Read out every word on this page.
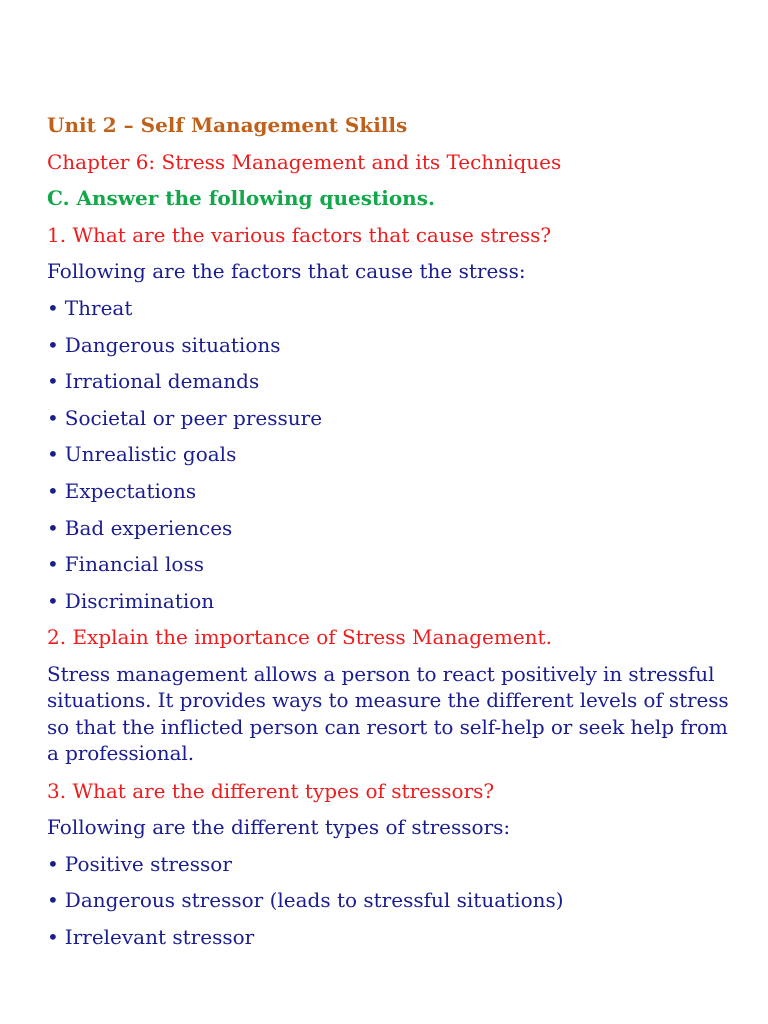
Unit 2 – Self Management Skills
Chapter 6: Stress Management and its Techniques
C. Answer the following questions.
1. What are the various factors that cause stress?
Following are the factors that cause the stress:
• Threat
• Dangerous situations
• Irrational demands
• Societal or peer pressure
• Unrealistic goals
• Expectations
• Bad experiences
• Financial loss
• Discrimination
2. Explain the importance of Stress Management.
Stress management allows a person to react positively in stressful situations. It provides ways to measure the different levels of stress so that the inflicted person can resort to self-help or seek help from a professional.
3. What are the different types of stressors?
Following are the different types of stressors:
• Positive stressor
• Dangerous stressor (leads to stressful situations)
• Irrelevant stressor
